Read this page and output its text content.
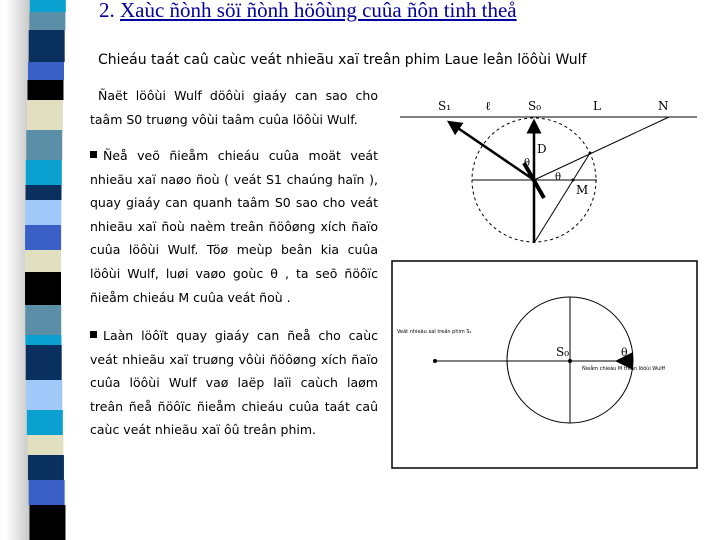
2. Xaùc ñònh söï ñònh höôùng cuûa ñôn tinh theå
Chieáu taát caû caùc veát nhieãu xaï treân phim Laue leân löôùi Wulf
Ñaët löôùi Wulf döôùi giaáy can sao cho taâm S0 truøng vôùi taâm cuûa löôùi Wulf.
Ñeå veõ ñieåm chieáu cuûa moät veát nhieãu xaï naøo ñoù ( veát S1 chaúng haïn ), quay giaáy can quanh taâm S0 sao cho veát nhieãu xaï ñoù naèm treân ñöôøng xích ñaïo cuûa löôùi Wulf. Töø meùp beân kia cuûa löôùi Wulf, luøi vaøo goùc θ , ta seõ ñöôïc ñieåm chieáu M cuûa veát ñoù .
Laàn löôït quay giaáy can ñeå cho caùc veát nhieãu xaï truøng vôùi ñöôøng xích ñaïo cuûa löôùi Wulf vaø laëp laïi caùch laøm treân ñeå ñöôïc ñieåm chieáu cuûa taát caû caùc veát nhieãu xaï ôû treân phim.
S₁	ℓ	S₀	L	N
D
θ
θ
M
S₀	θ
Veát nhieãu xaï treân phim S₁
Ñieåm chieáu M treân löôùi Wulff
